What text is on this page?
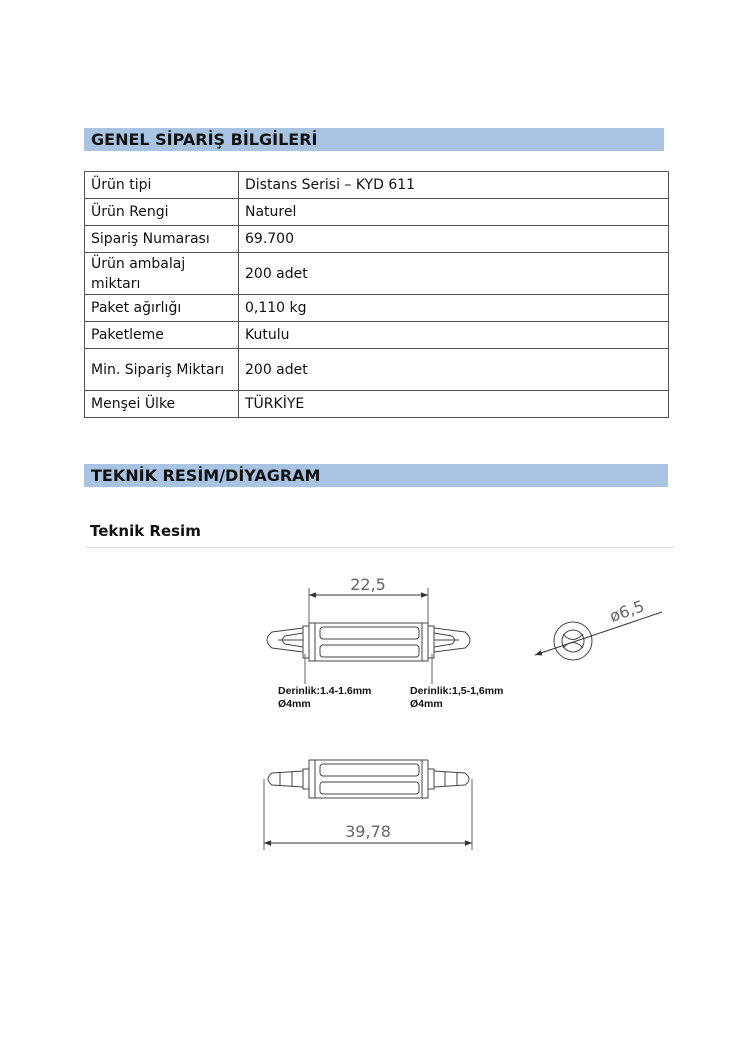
GENEL SİPARİŞ BİLGİLERİ
Ürün tipi	Distans Serisi – KYD 611
Ürün Rengi	Naturel
Sipariş Numarası	69.700
Ürün ambalaj miktarı	200 adet
Paket ağırlığı	0,110 kg
Paketleme	Kutulu
Min. Sipariş Miktarı	200 adet
Menşei Ülke	TÜRKİYE
TEKNİK RESİM/DİYAGRAM
Teknik Resim
22,5
Derinlik:1.4-1.6mm
Ø4mm
Derinlik:1,5-1,6mm
Ø4mm
ø6,5
39,78
